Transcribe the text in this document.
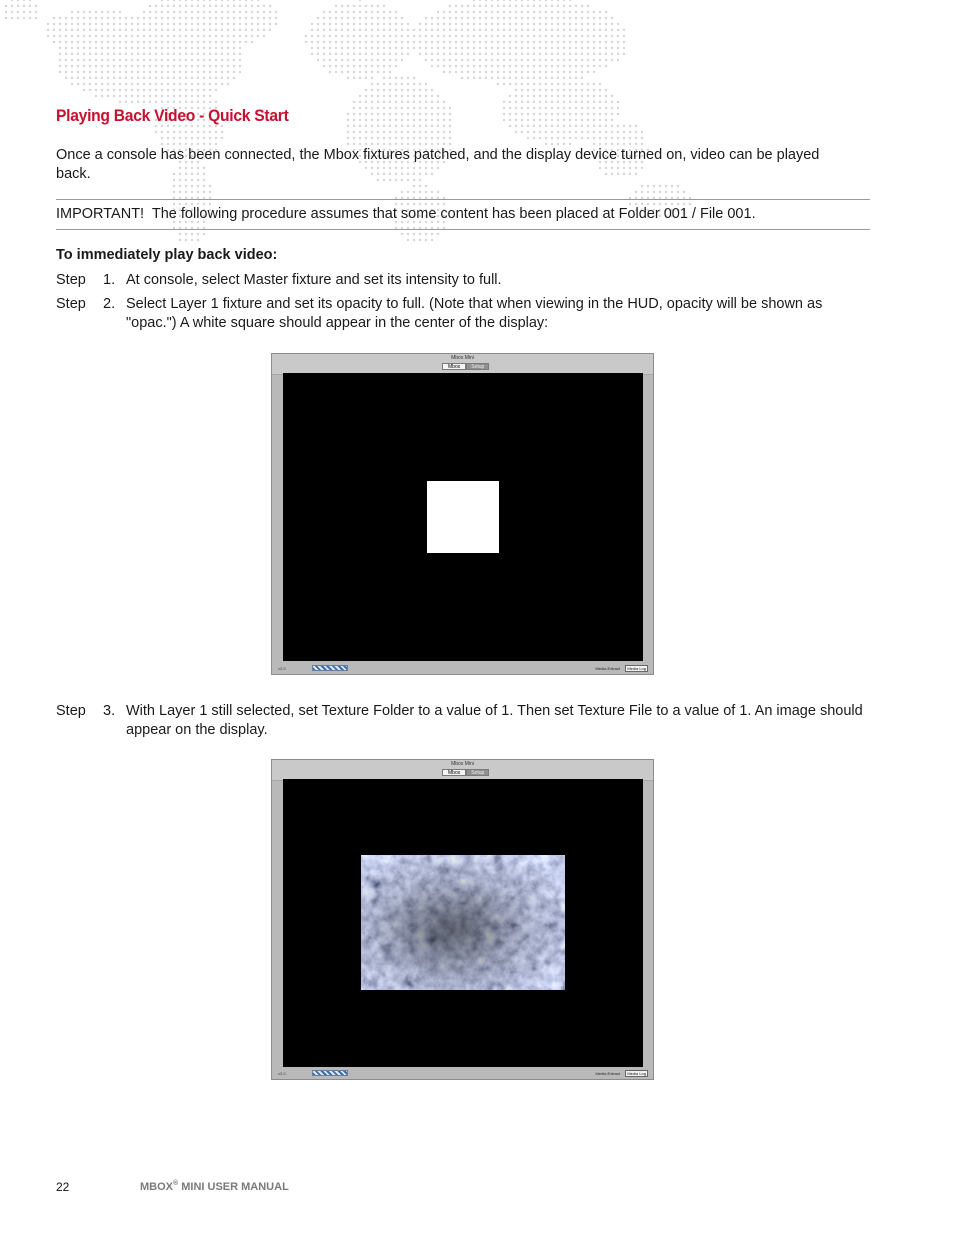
Playing Back Video - Quick Start
Once a console has been connected, the Mbox fixtures patched, and the display device turned on, video can be played back.
IMPORTANT! The following procedure assumes that some content has been placed at Folder 001 / File 001.
To immediately play back video:
Step 1. At console, select Master fixture and set its intensity to full.
Step 2. Select Layer 1 fixture and set its opacity to full. (Note that when viewing in the HUD, opacity will be shown as "opac.") A white square should appear in the center of the display:
Mbox Mini
Mbox	Setup
v3.9	Media Extract	Media Log
Step 3. With Layer 1 still selected, set Texture Folder to a value of 1. Then set Texture File to a value of 1. An image should appear on the display.
Mbox Mini
Mbox	Setup
v3.9	Media Extract	Media Log
22	MBOX® MINI USER MANUAL
